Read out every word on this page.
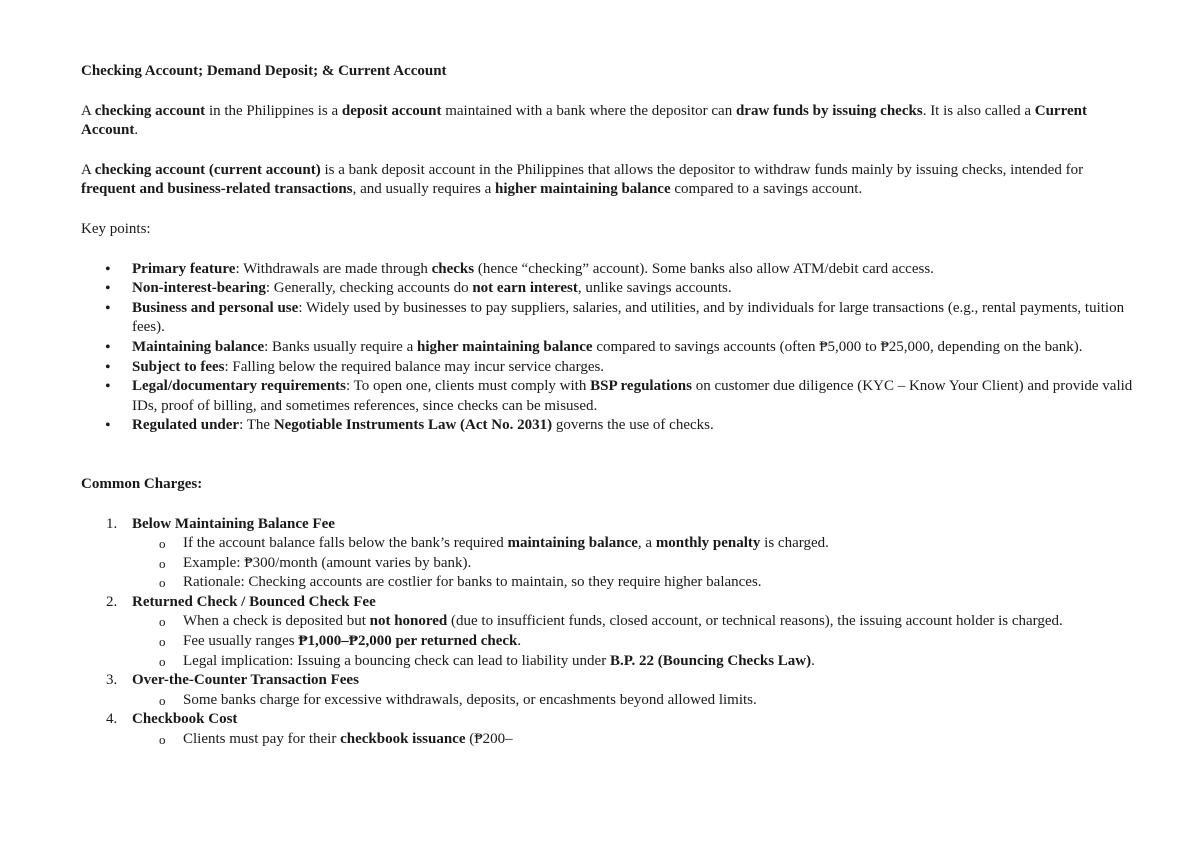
Checking Account; Demand Deposit; & Current Account

A checking account in the Philippines is a deposit account maintained with a bank where the depositor can draw funds by issuing checks. It is also called a Current Account.

A checking account (current account) is a bank deposit account in the Philippines that allows the depositor to withdraw funds mainly by issuing checks, intended for frequent and business-related transactions, and usually requires a higher maintaining balance compared to a savings account.

Key points:
• Primary feature: Withdrawals are made through checks (hence “checking” account). Some banks also allow ATM/debit card access.
• Non-interest-bearing: Generally, checking accounts do not earn interest, unlike savings accounts.
• Business and personal use: Widely used by businesses to pay suppliers, salaries, and utilities, and by individuals for large transactions (e.g., rental payments, tuition fees).
• Maintaining balance: Banks usually require a higher maintaining balance compared to savings accounts (often ₱5,000 to ₱25,000, depending on the bank).
• Subject to fees: Falling below the required balance may incur service charges.
• Legal/documentary requirements: To open one, clients must comply with BSP regulations on customer due diligence (KYC – Know Your Client) and provide valid IDs, proof of billing, and sometimes references, since checks can be misused.
• Regulated under: The Negotiable Instruments Law (Act No. 2031) governs the use of checks.
Common Charges:
1. Below Maintaining Balance Fee
o If the account balance falls below the bank’s required maintaining balance, a monthly penalty is charged.
o Example: ₱300/month (amount varies by bank).
o Rationale: Checking accounts are costlier for banks to maintain, so they require higher balances.
2. Returned Check / Bounced Check Fee
o When a check is deposited but not honored (due to insufficient funds, closed account, or technical reasons), the issuing account holder is charged.
o Fee usually ranges ₱1,000–₱2,000 per returned check.
o Legal implication: Issuing a bouncing check can lead to liability under B.P. 22 (Bouncing Checks Law).
3. Over-the-Counter Transaction Fees
o Some banks charge for excessive withdrawals, deposits, or encashments beyond allowed limits.
4. Checkbook Cost
o Clients must pay for their checkbook issuance (₱200–
